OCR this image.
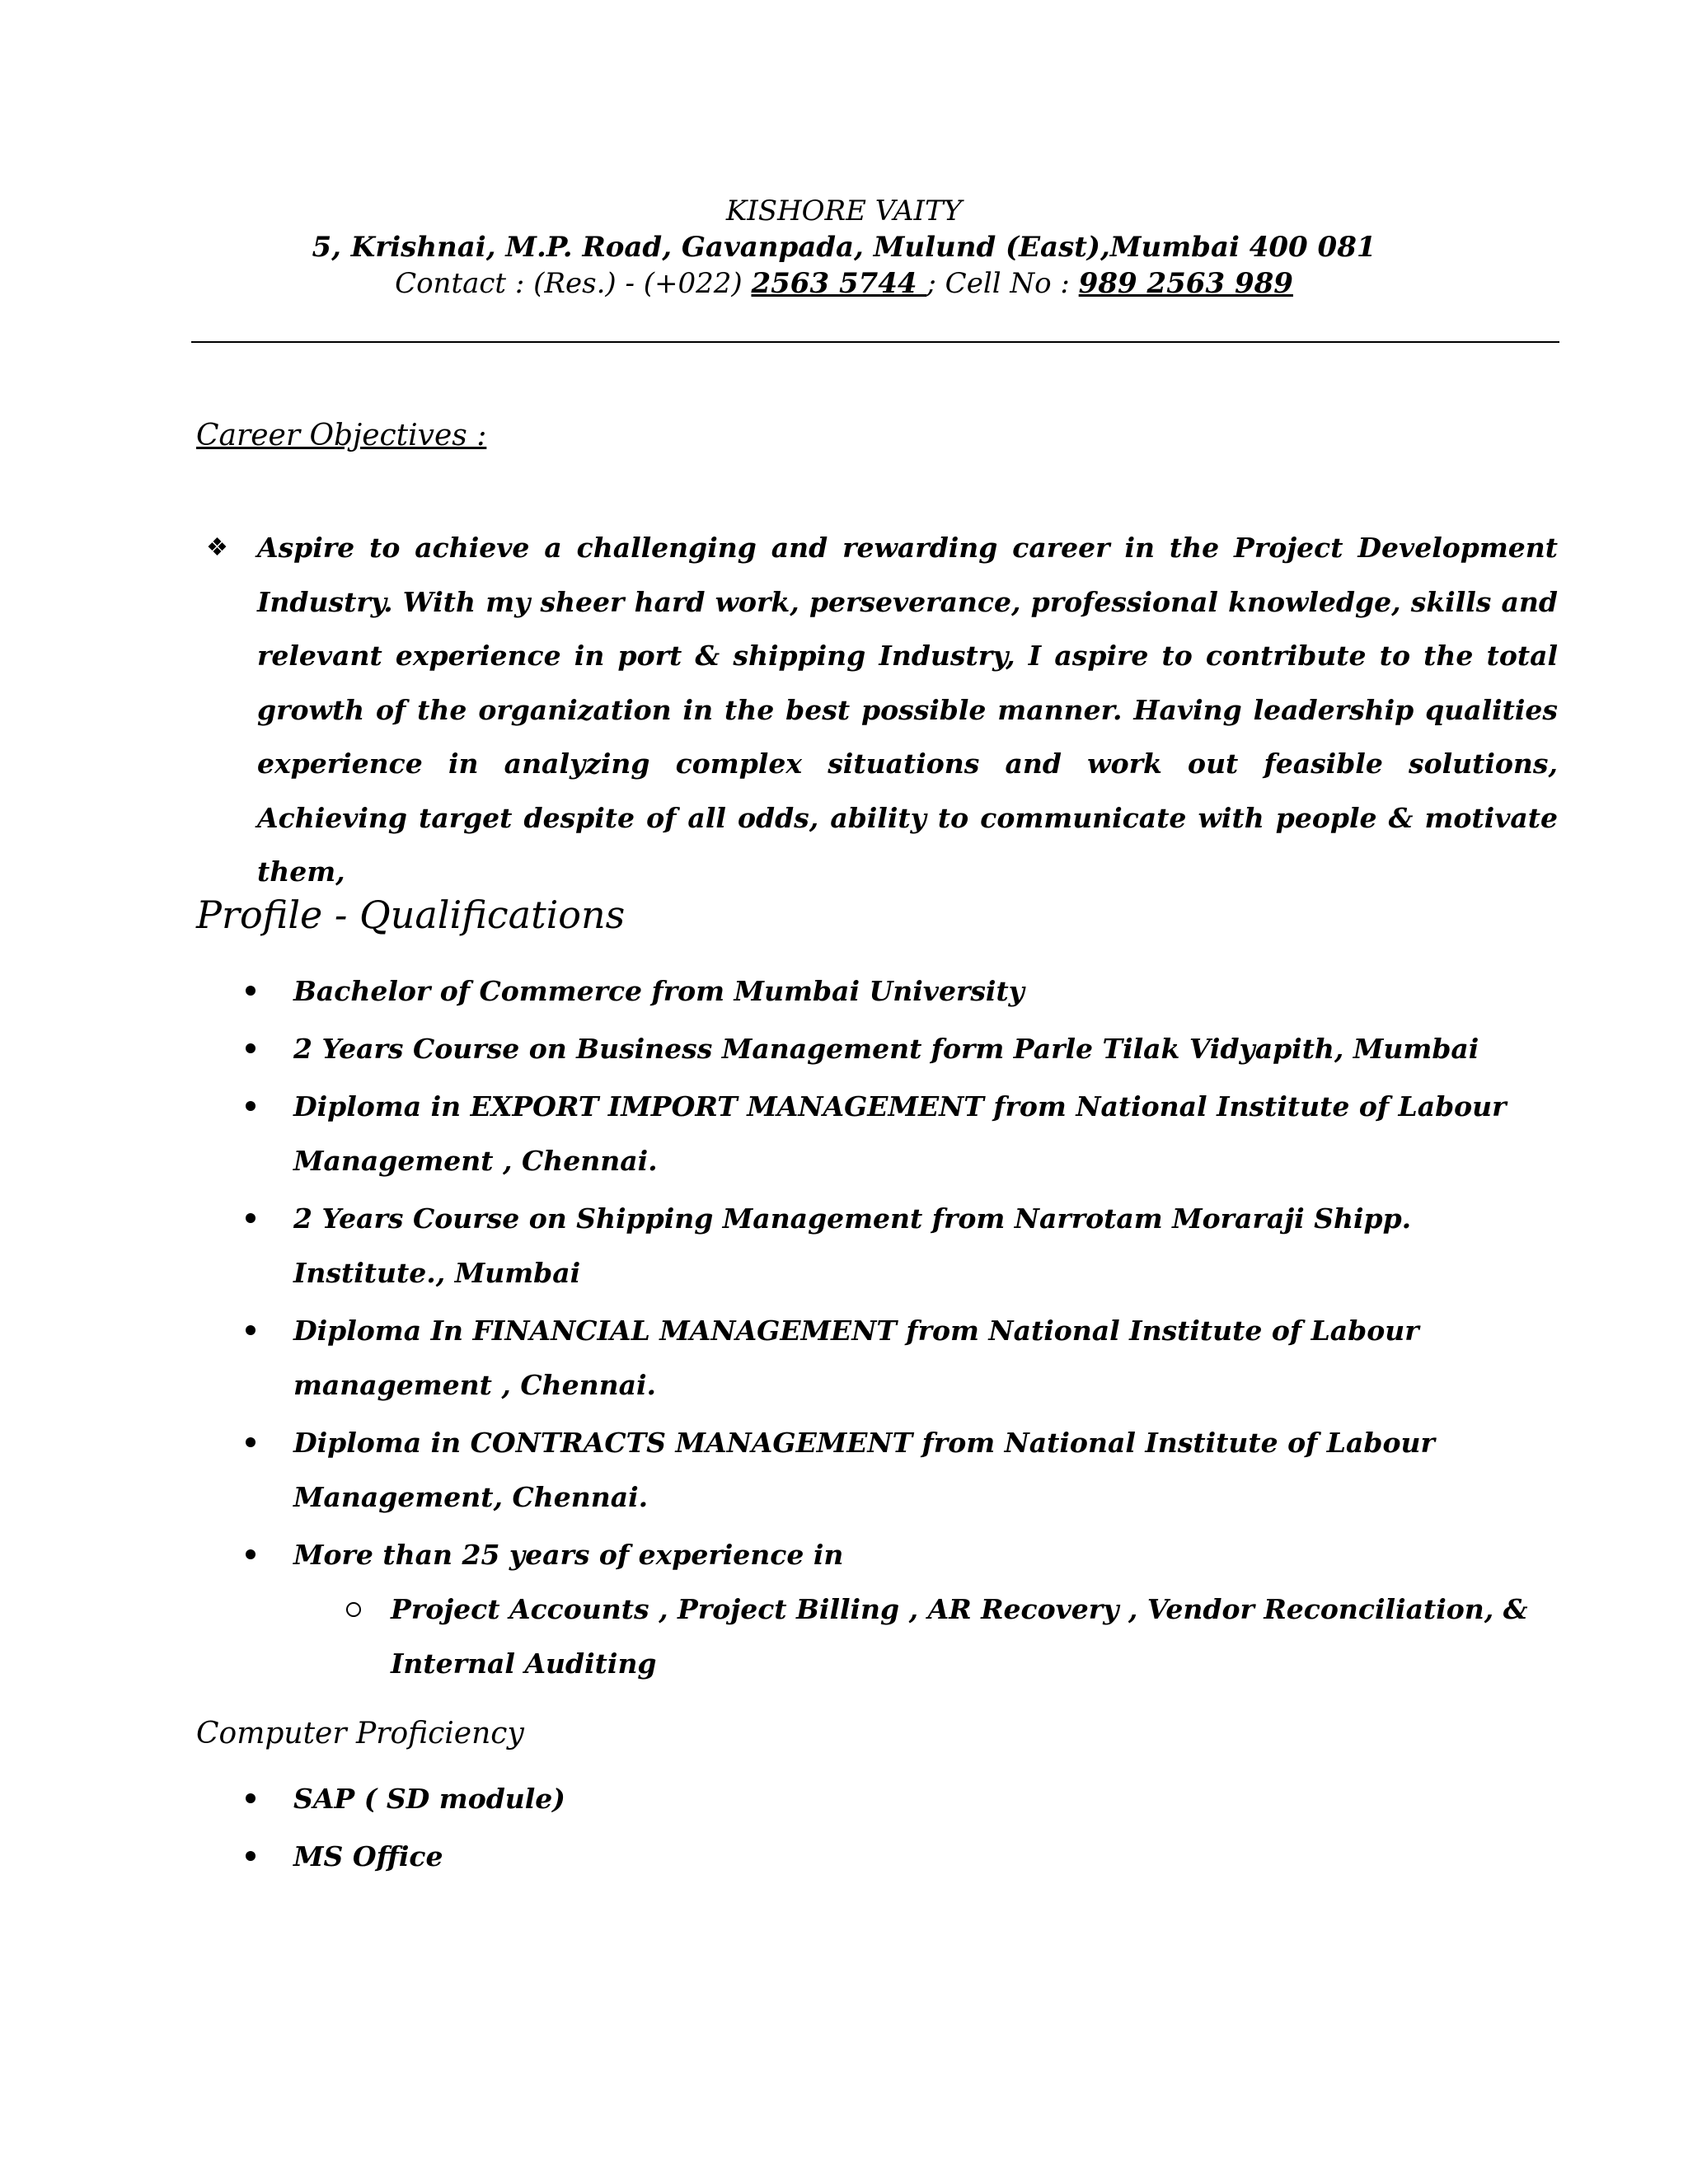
KISHORE VAITY
5, Krishnai, M.P. Road, Gavanpada, Mulund (East),Mumbai 400 081
Contact : (Res.) - (+022) 2563 5744 ; Cell No : 989 2563 989
Career Objectives :
❖ Aspire to achieve a challenging and rewarding career in the Project Development Industry. With my sheer hard work, perseverance, professional knowledge, skills and relevant experience in port & shipping Industry, I aspire to contribute to the total growth of the organization in the best possible manner. Having leadership qualities experience in analyzing complex situations and work out feasible solutions, Achieving target despite of all odds, ability to communicate with people & motivate them,

Profile - Qualifications
Bachelor of Commerce from Mumbai University
2 Years Course on Business Management form Parle Tilak Vidyapith, Mumbai
Diploma in EXPORT IMPORT MANAGEMENT from National Institute of Labour Management , Chennai.
2 Years Course on Shipping Management from Narrotam Moraraji Shipp. Institute., Mumbai
Diploma In FINANCIAL MANAGEMENT from National Institute of Labour management , Chennai.
Diploma in CONTRACTS MANAGEMENT from National Institute of Labour Management, Chennai.
More than 25 years of experience in
Project Accounts , Project Billing , AR Recovery , Vendor Reconciliation, & Internal Auditing
Computer Proficiency
SAP ( SD module)
MS Office
